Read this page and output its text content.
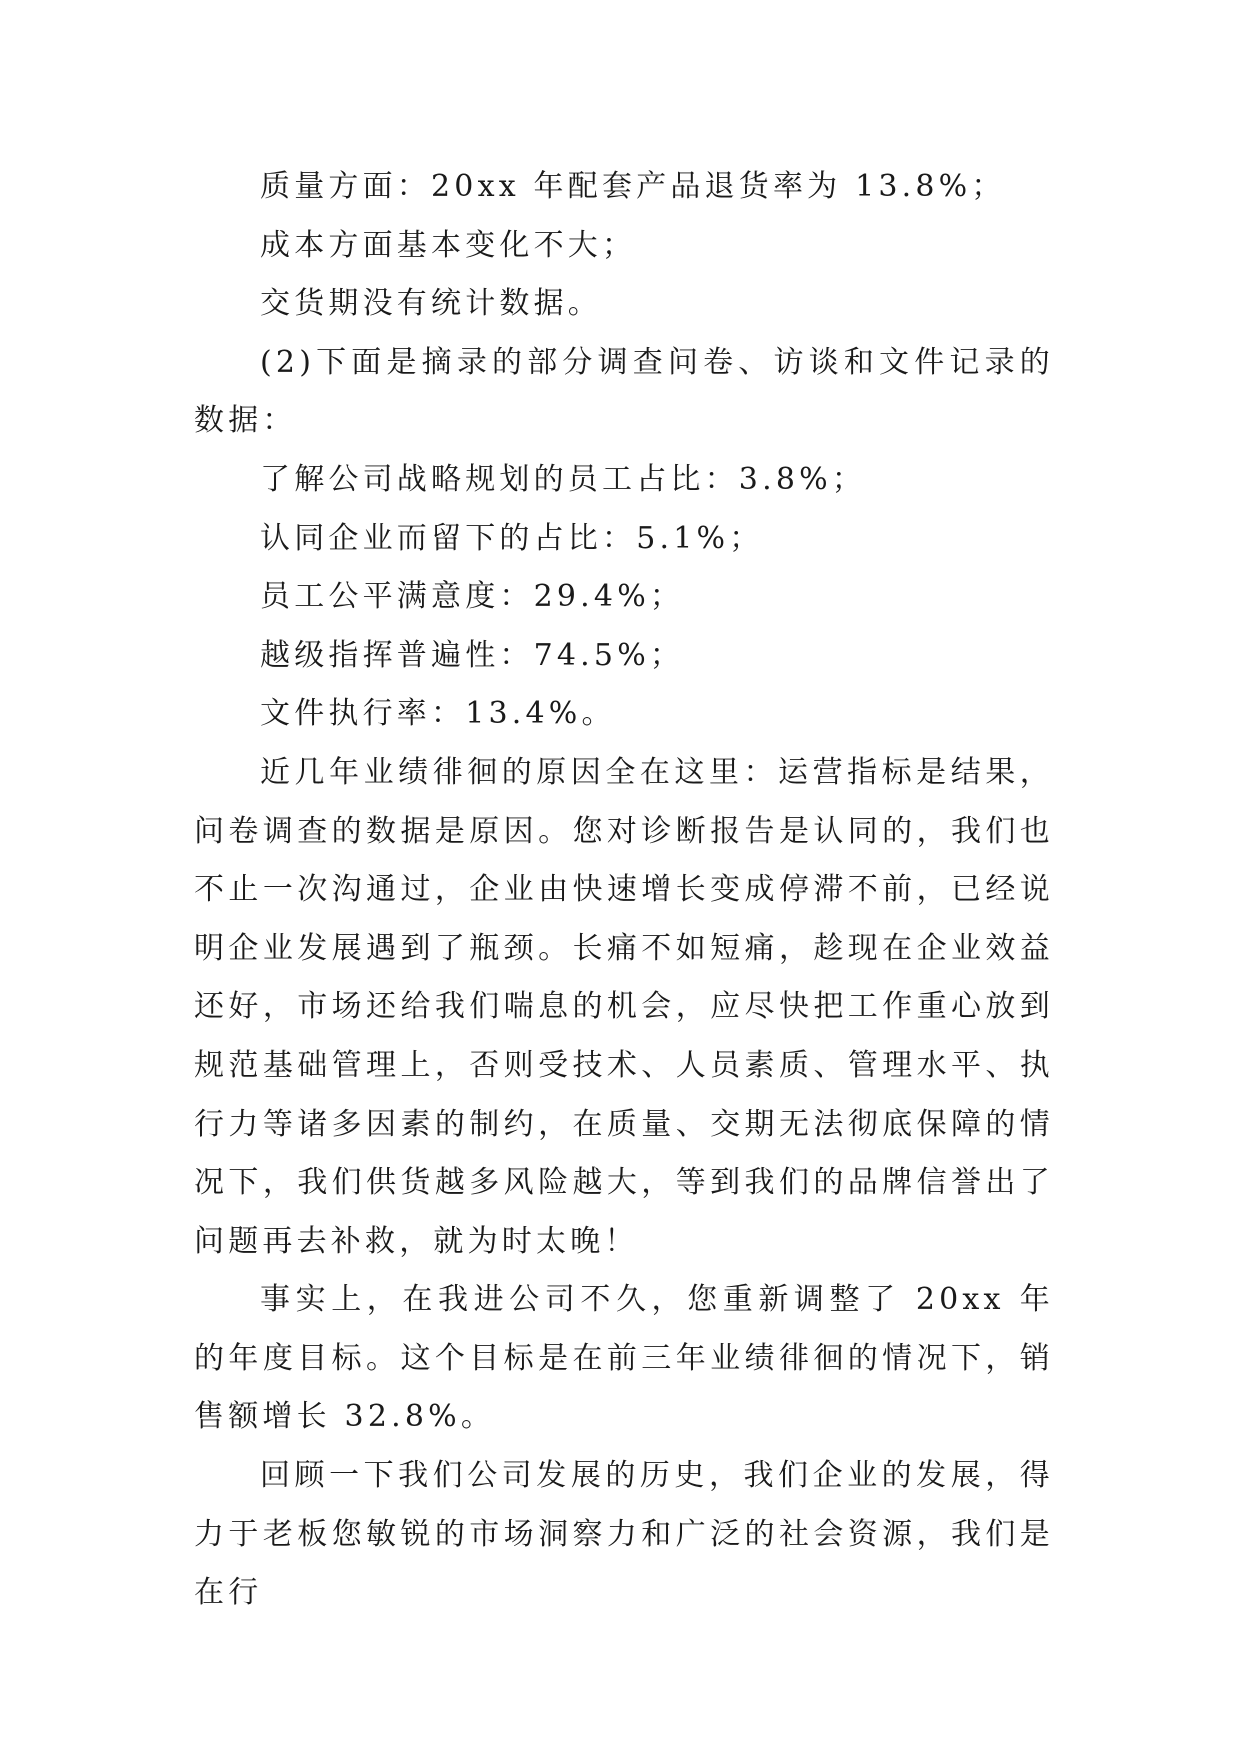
质量方面：20xx 年配套产品退货率为 13.8%；

成本方面基本变化不大；

交货期没有统计数据。

(2)下面是摘录的部分调查问卷、访谈和文件记录的数据：

了解公司战略规划的员工占比：3.8%；

认同企业而留下的占比：5.1%；

员工公平满意度：29.4%；

越级指挥普遍性：74.5%；

文件执行率：13.4%。

近几年业绩徘徊的原因全在这里：运营指标是结果，问卷调查的数据是原因。您对诊断报告是认同的，我们也不止一次沟通过，企业由快速增长变成停滞不前，已经说明企业发展遇到了瓶颈。长痛不如短痛，趁现在企业效益还好，市场还给我们喘息的机会，应尽快把工作重心放到规范基础管理上，否则受技术、人员素质、管理水平、执行力等诸多因素的制约，在质量、交期无法彻底保障的情况下，我们供货越多风险越大，等到我们的品牌信誉出了问题再去补救，就为时太晚！

事实上，在我进公司不久，您重新调整了 20xx 年的年度目标。这个目标是在前三年业绩徘徊的情况下，销售额增长 32.8%。

回顾一下我们公司发展的历史，我们企业的发展，得力于老板您敏锐的市场洞察力和广泛的社会资源，我们是在行
